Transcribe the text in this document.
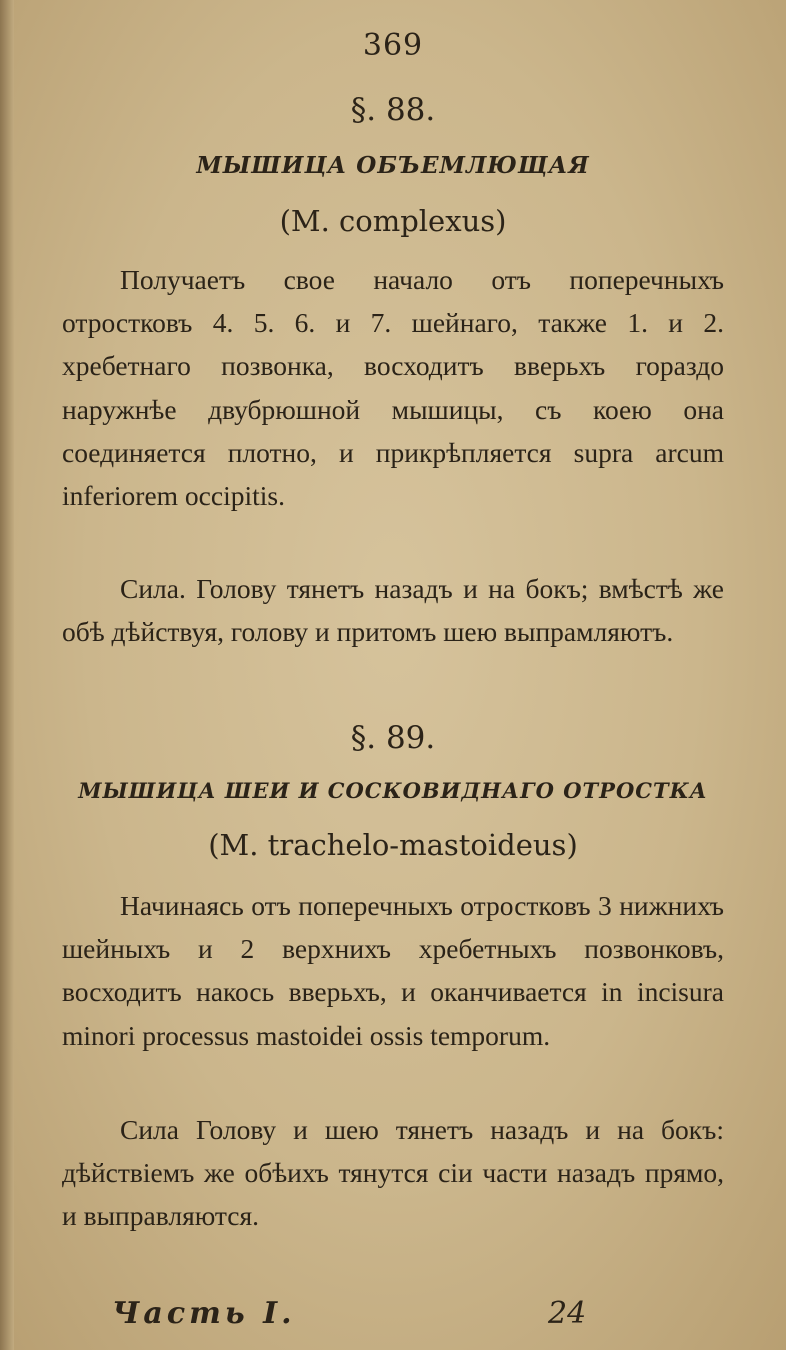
369
§. 88.
МЫШИЦА ОБЪЕМЛЮЩАЯ
(M. complexus)
Получаетъ свое начало отъ поперечныхъ отростковъ 4. 5. 6. и 7. шейнаго, также 1. и 2. хребетнаго позвонка, восходитъ вверьхъ гораздо наружнѣе двубрюшной мышицы, съ коею она соединяется плотно, и прикрѣпляется supra arcum inferiorem occipitis.
Сила. Голову тянетъ назадъ и на бокъ; вмѣстѣ же обѣ дѣйствуя, голову и притомъ шею выпрамляютъ.
§. 89.
МЫШИЦА ШЕИ И СОСКОВИДНАГО ОТРОСТКА
(M. trachelo-mastoideus)
Начинаясь отъ поперечныхъ отростковъ 3 нижнихъ шейныхъ и 2 верхнихъ хребетныхъ позвонковъ, восходитъ накось вверьхъ, и оканчивается in incisura minori processus mastoidei ossis temporum.
Сила Голову и шею тянетъ назадъ и на бокъ: дѣйствіемъ же обѣихъ тянутся сіи части назадъ прямо, и выправляются.
Часть I.	24
